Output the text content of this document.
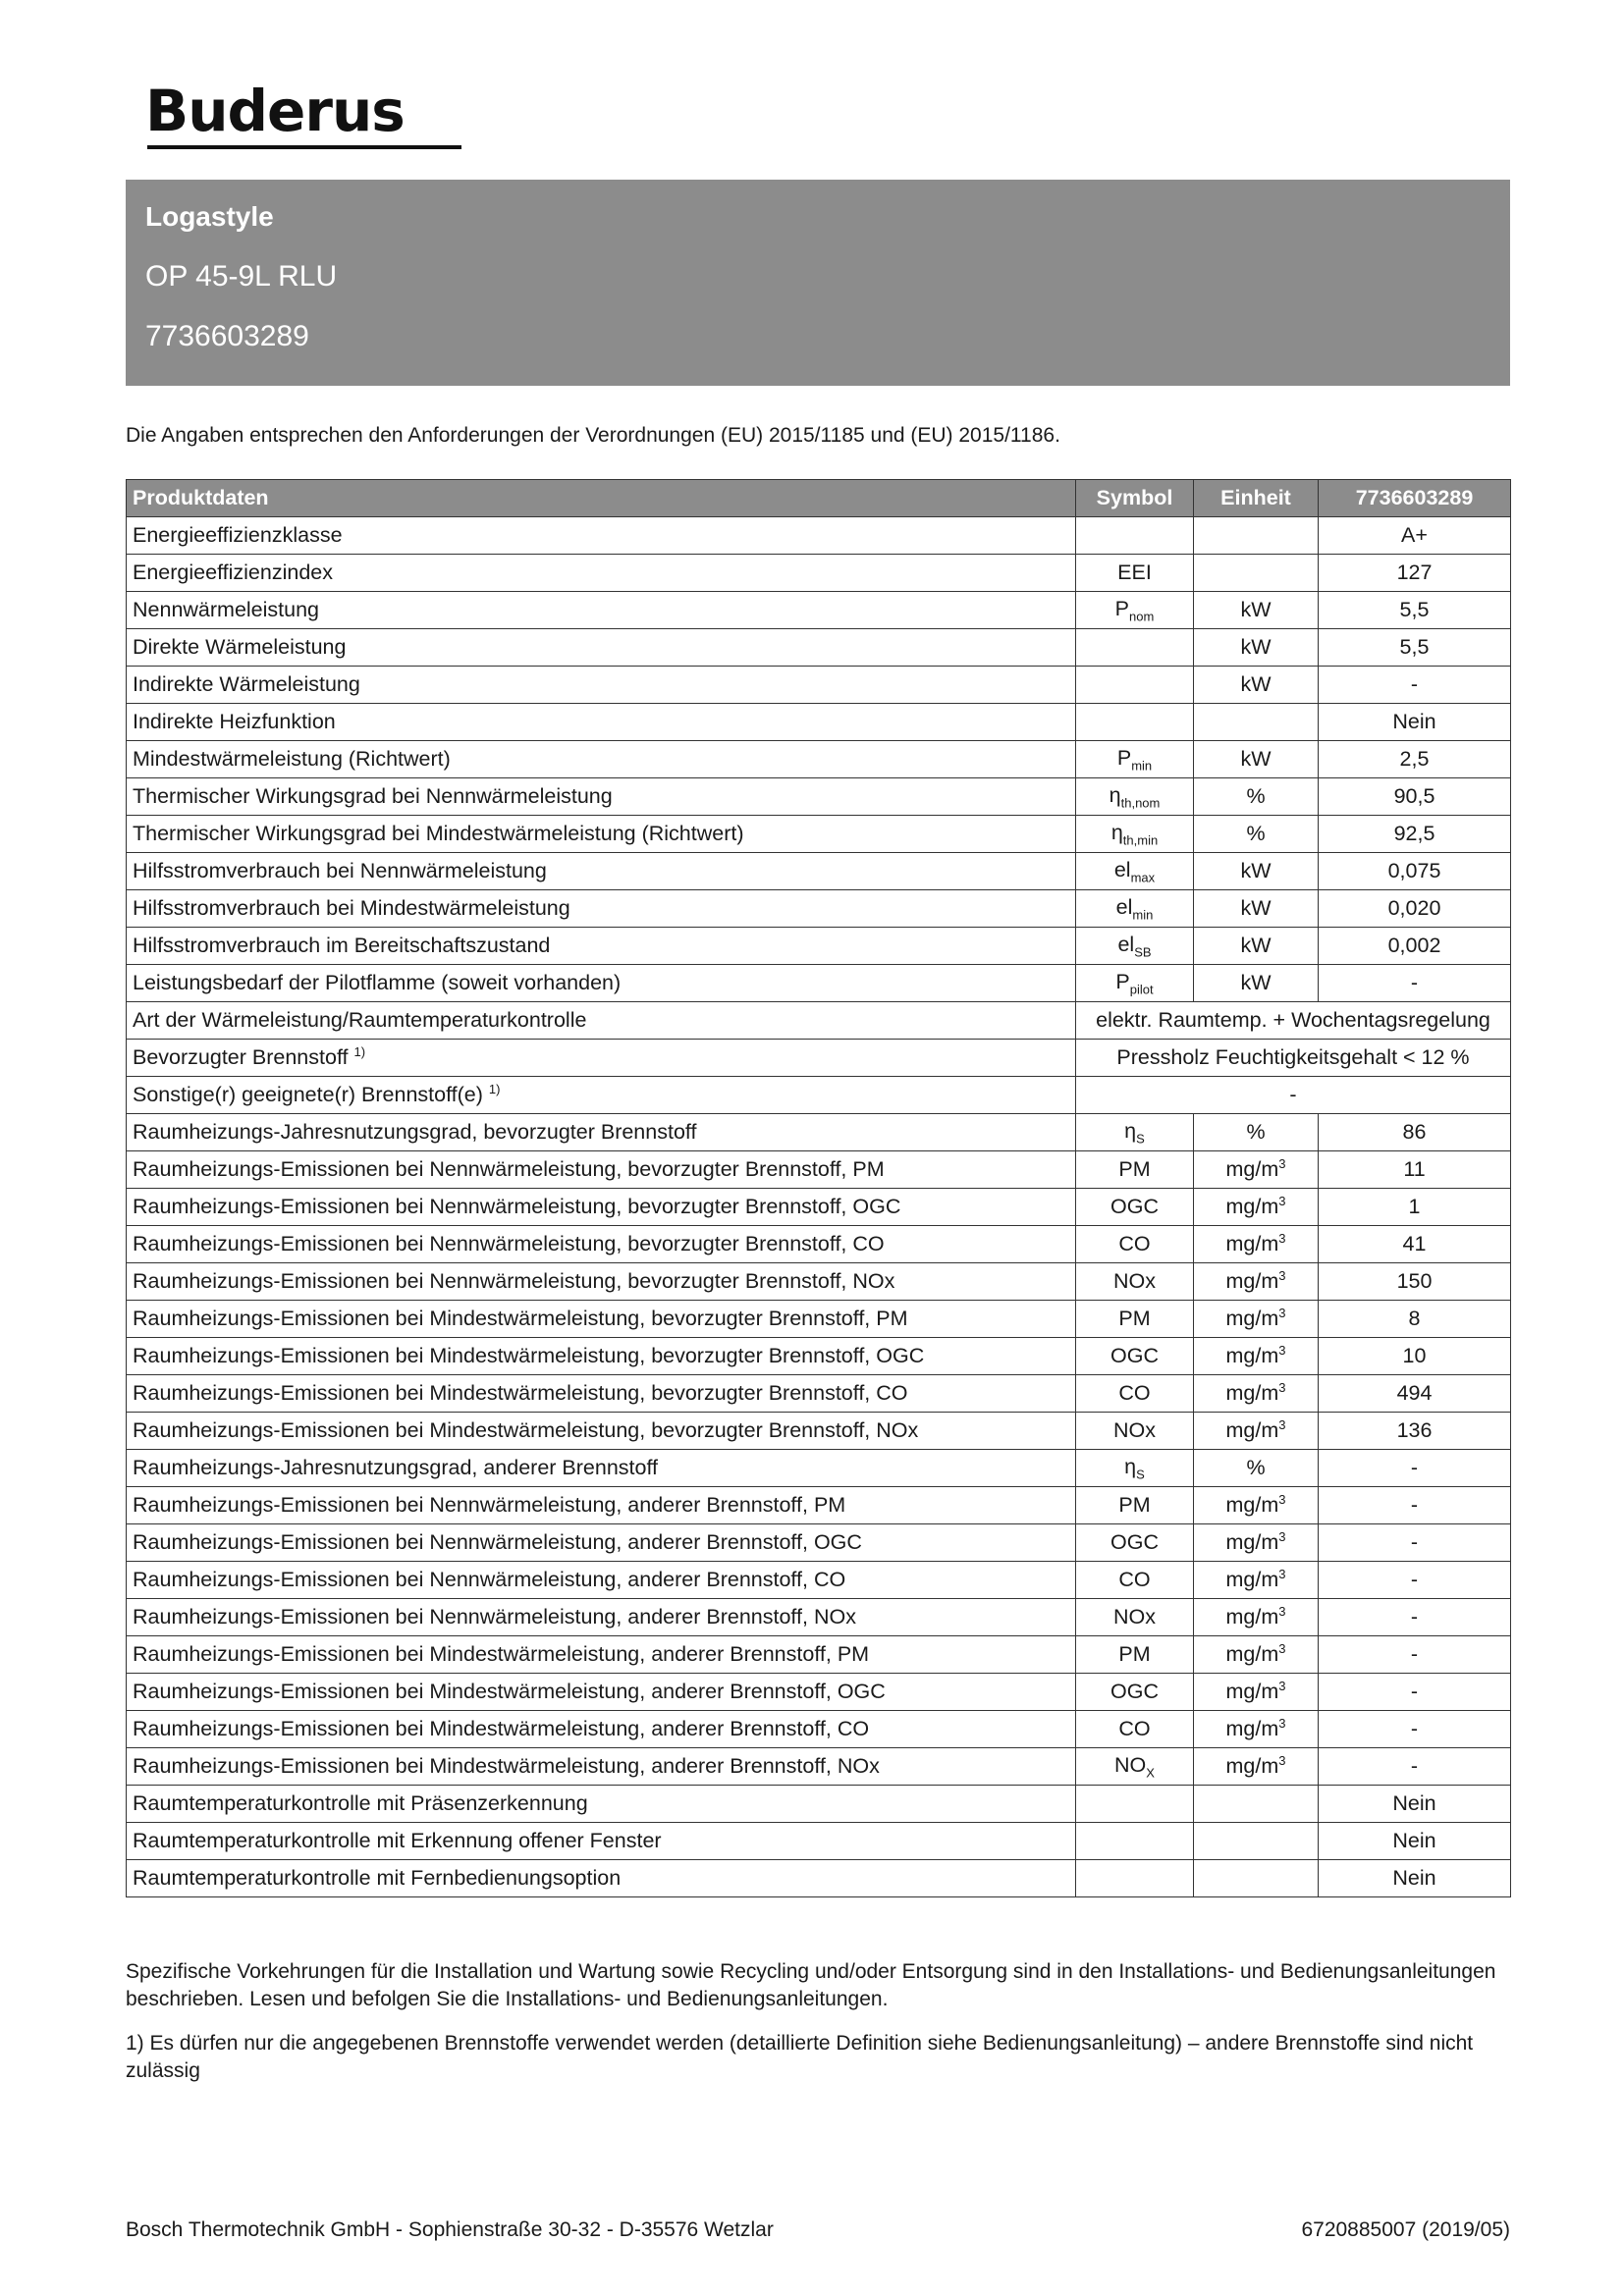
Buderus
Logastyle
OP 45-9L RLU
7736603289
Die Angaben entsprechen den Anforderungen der Verordnungen (EU) 2015/1185 und (EU) 2015/1186.
Produktdaten	Symbol	Einheit	7736603289
Energieeffizienzklasse			A+
Energieeffizienzindex	EEI		127
Nennwärmeleistung	$P_{nom}$	kW	5,5
Direkte Wärmeleistung		kW	5,5
Indirekte Wärmeleistung		kW	-
Indirekte Heizfunktion			Nein
Mindestwärmeleistung (Richtwert)	$P_{min}$	kW	2,5
Thermischer Wirkungsgrad bei Nennwärmeleistung	$\eta_{th,nom}$	%	90,5
Thermischer Wirkungsgrad bei Mindestwärmeleistung (Richtwert)	$\eta_{th,min}$	%	92,5
Hilfsstromverbrauch bei Nennwärmeleistung	$el_{max}$	kW	0,075
Hilfsstromverbrauch bei Mindestwärmeleistung	$el_{min}$	kW	0,020
Hilfsstromverbrauch im Bereitschaftszustand	$el_{SB}$	kW	0,002
Leistungsbedarf der Pilotflamme (soweit vorhanden)	$P_{pilot}$	kW	-
Art der Wärmeleistung/Raumtemperaturkontrolle	elektr. Raumtemp. + Wochentagsregelung		
Bevorzugter Brennstoff $^{1)}$	Pressholz Feuchtigkeitsgehalt < 12 %		
Sonstige(r) geeignete(r) Brennstoff(e) $^{1)}$	-		
Raumheizungs-Jahresnutzungsgrad, bevorzugter Brennstoff	$\eta_S$	%	86
Raumheizungs-Emissionen bei Nennwärmeleistung, bevorzugter Brennstoff, PM	PM	$mg/m^3$	11
Raumheizungs-Emissionen bei Nennwärmeleistung, bevorzugter Brennstoff, OGC	OGC	$mg/m^3$	1
Raumheizungs-Emissionen bei Nennwärmeleistung, bevorzugter Brennstoff, CO	CO	$mg/m^3$	41
Raumheizungs-Emissionen bei Nennwärmeleistung, bevorzugter Brennstoff, NOx	NOx	$mg/m^3$	150
Raumheizungs-Emissionen bei Mindestwärmeleistung, bevorzugter Brennstoff, PM	PM	$mg/m^3$	8
Raumheizungs-Emissionen bei Mindestwärmeleistung, bevorzugter Brennstoff, OGC	OGC	$mg/m^3$	10
Raumheizungs-Emissionen bei Mindestwärmeleistung, bevorzugter Brennstoff, CO	CO	$mg/m^3$	494
Raumheizungs-Emissionen bei Mindestwärmeleistung, bevorzugter Brennstoff, NOx	NOx	$mg/m^3$	136
Raumheizungs-Jahresnutzungsgrad, anderer Brennstoff	$\eta_S$	%	-
Raumheizungs-Emissionen bei Nennwärmeleistung, anderer Brennstoff, PM	PM	$mg/m^3$	-
Raumheizungs-Emissionen bei Nennwärmeleistung, anderer Brennstoff, OGC	OGC	$mg/m^3$	-
Raumheizungs-Emissionen bei Nennwärmeleistung, anderer Brennstoff, CO	CO	$mg/m^3$	-
Raumheizungs-Emissionen bei Nennwärmeleistung, anderer Brennstoff, NOx	NOx	$mg/m^3$	-
Raumheizungs-Emissionen bei Mindestwärmeleistung, anderer Brennstoff, PM	PM	$mg/m^3$	-
Raumheizungs-Emissionen bei Mindestwärmeleistung, anderer Brennstoff, OGC	OGC	$mg/m^3$	-
Raumheizungs-Emissionen bei Mindestwärmeleistung, anderer Brennstoff, CO	CO	$mg/m^3$	-
Raumheizungs-Emissionen bei Mindestwärmeleistung, anderer Brennstoff, NOx	$NO_X$	$mg/m^3$	-
Raumtemperaturkontrolle mit Präsenzerkennung			Nein
Raumtemperaturkontrolle mit Erkennung offener Fenster			Nein
Raumtemperaturkontrolle mit Fernbedienungsoption			Nein
Spezifische Vorkehrungen für die Installation und Wartung sowie Recycling und/oder Entsorgung sind in den Installations- und Bedienungsanleitungen beschrieben. Lesen und befolgen Sie die Installations- und Bedienungsanleitungen.
1) Es dürfen nur die angegebenen Brennstoffe verwendet werden (detaillierte Definition siehe Bedienungsanleitung) – andere Brennstoffe sind nicht zulässig
Bosch Thermotechnik GmbH - Sophienstraße 30-32 - D-35576 Wetzlar	6720885007 (2019/05)
